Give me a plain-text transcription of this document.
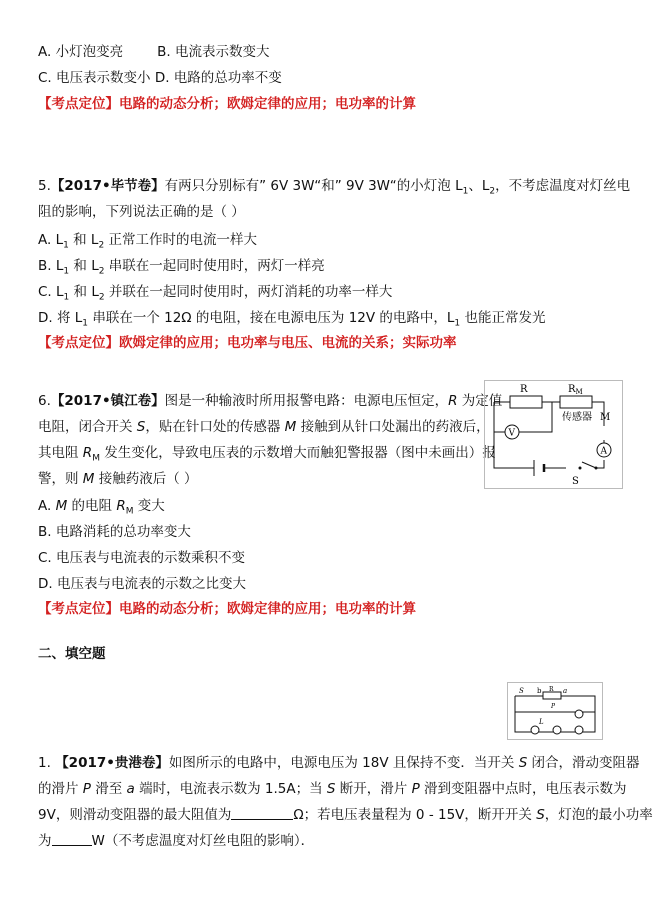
A. 小灯泡变亮	B. 电流表示数变大
C. 电压表示数变小 D. 电路的总功率不变
【考点定位】电路的动态分析；欧姆定律的应用；电功率的计算
5.【2017•毕节卷】有两只分别标有” 6V 3W“和” 9V 3W“的小灯泡 $L_1$、$L_2$，不考虑温度对灯丝电
阻的影响，下列说法正确的是（ ）
A. $L_1$ 和 $L_2$ 正常工作时的电流一样大
B. $L_1$ 和 $L_2$ 串联在一起同时使用时，两灯一样亮
C. $L_1$ 和 $L_2$ 并联在一起同时使用时，两灯消耗的功率一样大
D. 将 $L_1$ 串联在一个 12Ω 的电阻，接在电源电压为 12V 的电路中，$L_1$ 也能正常发光
【考点定位】欧姆定律的应用；电功率与电压、电流的关系；实际功率
6.【2017•镇江卷】图是一种输液时所用报警电路：电源电压恒定，R 为定值
电阻，闭合开关 S，贴在针口处的传感器 M 接触到从针口处漏出的药液后，
其电阻 $R_M$ 发生变化，导致电压表的示数增大而触犯警报器（图中未画出）报
警，则 M 接触药液后（ ）
A. M 的电阻 $R_M$ 变大
B. 电路消耗的总功率变大
C. 电压表与电流表的示数乘积不变
D. 电压表与电流表的示数之比变大
【考点定位】电路的动态分析；欧姆定律的应用；电功率的计算
R	$R_M$
传感器 M
V
A
S
二、填空题
S b R a
P
L
1. 【2017•贵港卷】如图所示的电路中，电源电压为 18V 且保持不变．当开关 S 闭合，滑动变阻器
的滑片 P 滑至 a 端时，电流表示数为 1.5A；当 S 断开，滑片 P 滑到变阻器中点时，电压表示数为
9V，则滑动变阻器的最大阻值为	Ω；若电压表量程为 0 - 15V，断开开关 S，灯泡的最小功率
为	W（不考虑温度对灯丝电阻的影响）．
